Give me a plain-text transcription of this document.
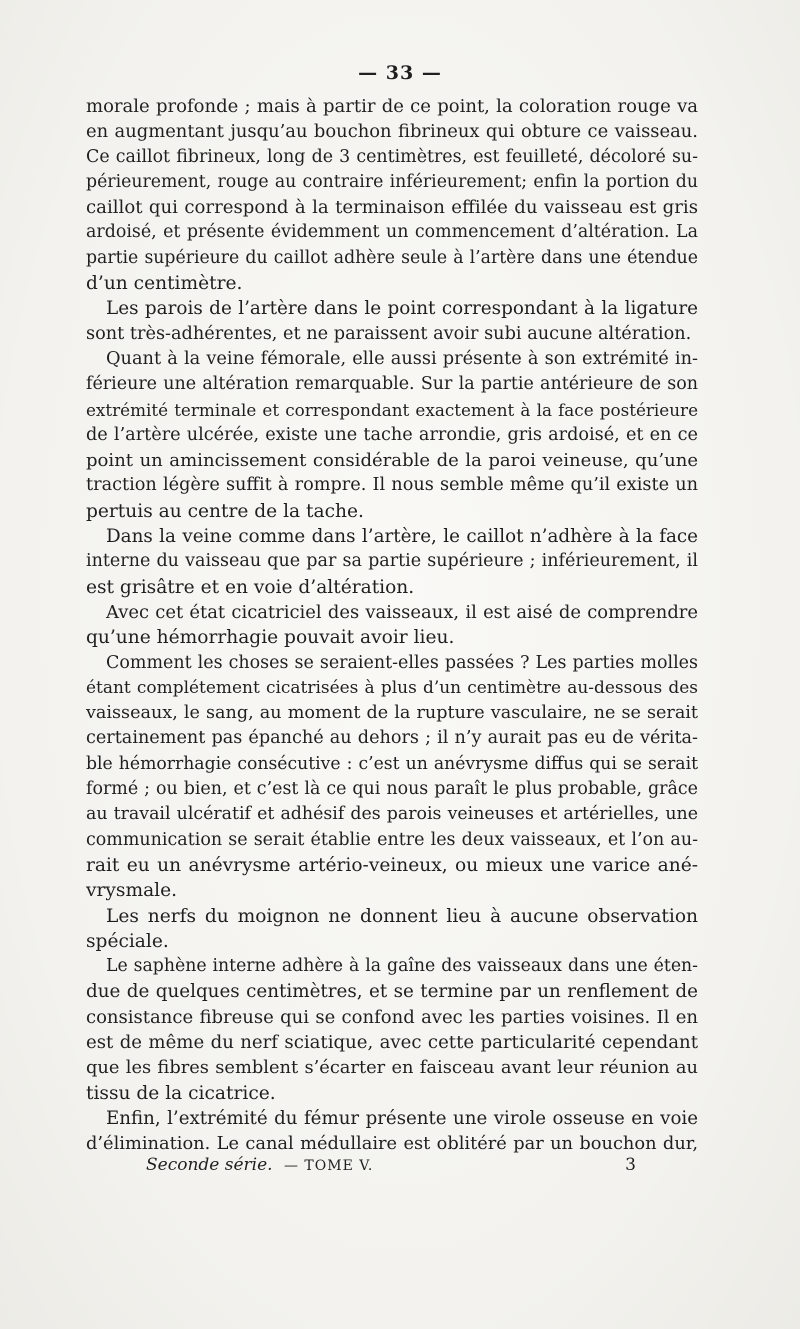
— 33 —
morale profonde ; mais à partir de ce point, la coloration rouge va
en augmentant jusqu’au bouchon fibrineux qui obture ce vaisseau.
Ce caillot fibrineux, long de 3 centimètres, est feuilleté, décoloré su-
périeurement, rouge au contraire inférieurement; enfin la portion du
caillot qui correspond à la terminaison effilée du vaisseau est gris
ardoisé, et présente évidemment un commencement d’altération. La
partie supérieure du caillot adhère seule à l’artère dans une étendue
d’un centimètre.
Les parois de l’artère dans le point correspondant à la ligature
sont très-adhérentes, et ne paraissent avoir subi aucune altération.
Quant à la veine fémorale, elle aussi présente à son extrémité in-
férieure une altération remarquable. Sur la partie antérieure de son
extrémité terminale et correspondant exactement à la face postérieure
de l’artère ulcérée, existe une tache arrondie, gris ardoisé, et en ce
point un amincissement considérable de la paroi veineuse, qu’une
traction légère suffit à rompre. Il nous semble même qu’il existe un
pertuis au centre de la tache.
Dans la veine comme dans l’artère, le caillot n’adhère à la face
interne du vaisseau que par sa partie supérieure ; inférieurement, il
est grisâtre et en voie d’altération.
Avec cet état cicatriciel des vaisseaux, il est aisé de comprendre
qu’une hémorrhagie pouvait avoir lieu.
Comment les choses se seraient-elles passées ? Les parties molles
étant complétement cicatrisées à plus d’un centimètre au-dessous des
vaisseaux, le sang, au moment de la rupture vasculaire, ne se serait
certainement pas épanché au dehors ; il n’y aurait pas eu de vérita-
ble hémorrhagie consécutive : c’est un anévrysme diffus qui se serait
formé ; ou bien, et c’est là ce qui nous paraît le plus probable, grâce
au travail ulcératif et adhésif des parois veineuses et artérielles, une
communication se serait établie entre les deux vaisseaux, et l’on au-
rait eu un anévrysme artério-veineux, ou mieux une varice ané-
vrysmale.
Les nerfs du moignon ne donnent lieu à aucune observation
spéciale.
Le saphène interne adhère à la gaîne des vaisseaux dans une éten-
due de quelques centimètres, et se termine par un renflement de
consistance fibreuse qui se confond avec les parties voisines. Il en
est de même du nerf sciatique, avec cette particularité cependant
que les fibres semblent s’écarter en faisceau avant leur réunion au
tissu de la cicatrice.
Enfin, l’extrémité du fémur présente une virole osseuse en voie
d’élimination. Le canal médullaire est oblitéré par un bouchon dur,
Seconde série. — TOME V.	3
